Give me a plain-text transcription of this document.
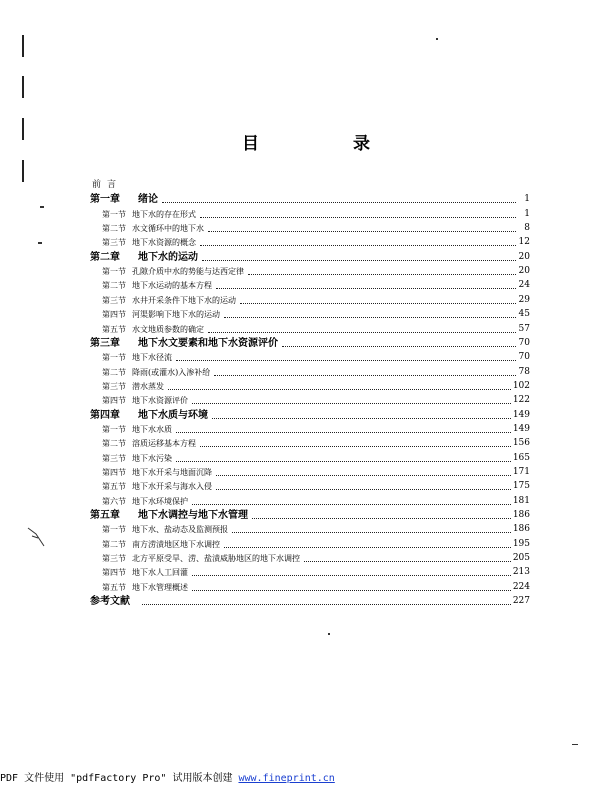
目 录
前言
第一章	绪论	1
第一节 地下水的存在形式	1
第二节 水文循环中的地下水	8
第三节 地下水资源的概念	12
第二章	地下水的运动	20
第一节 孔隙介质中水的势能与达西定律	20
第二节 地下水运动的基本方程	24
第三节 水井开采条件下地下水的运动	29
第四节 河渠影响下地下水的运动	45
第五节 水文地质参数的确定	57
第三章	地下水文要素和地下水资源评价	70
第一节 地下水径流	70
第二节 降雨(或灌水)入渗补给	78
第三节 潜水蒸发	102
第四节 地下水资源评价	122
第四章	地下水质与环境	149
第一节 地下水水质	149
第二节 溶质运移基本方程	156
第三节 地下水污染	165
第四节 地下水开采与地面沉降	171
第五节 地下水开采与海水入侵	175
第六节 地下水环境保护	181
第五章	地下水调控与地下水管理	186
第一节 地下水、盐动态及监测预报	186
第二节 南方涝渍地区地下水调控	195
第三节 北方平原受旱、涝、盐渍威胁地区的地下水调控	205
第四节 地下水人工回灌	213
第五节 地下水管理概述	224
参考文献	227
PDF 文件使用 "pdfFactory Pro" 试用版本创建 www.fineprint.cn
